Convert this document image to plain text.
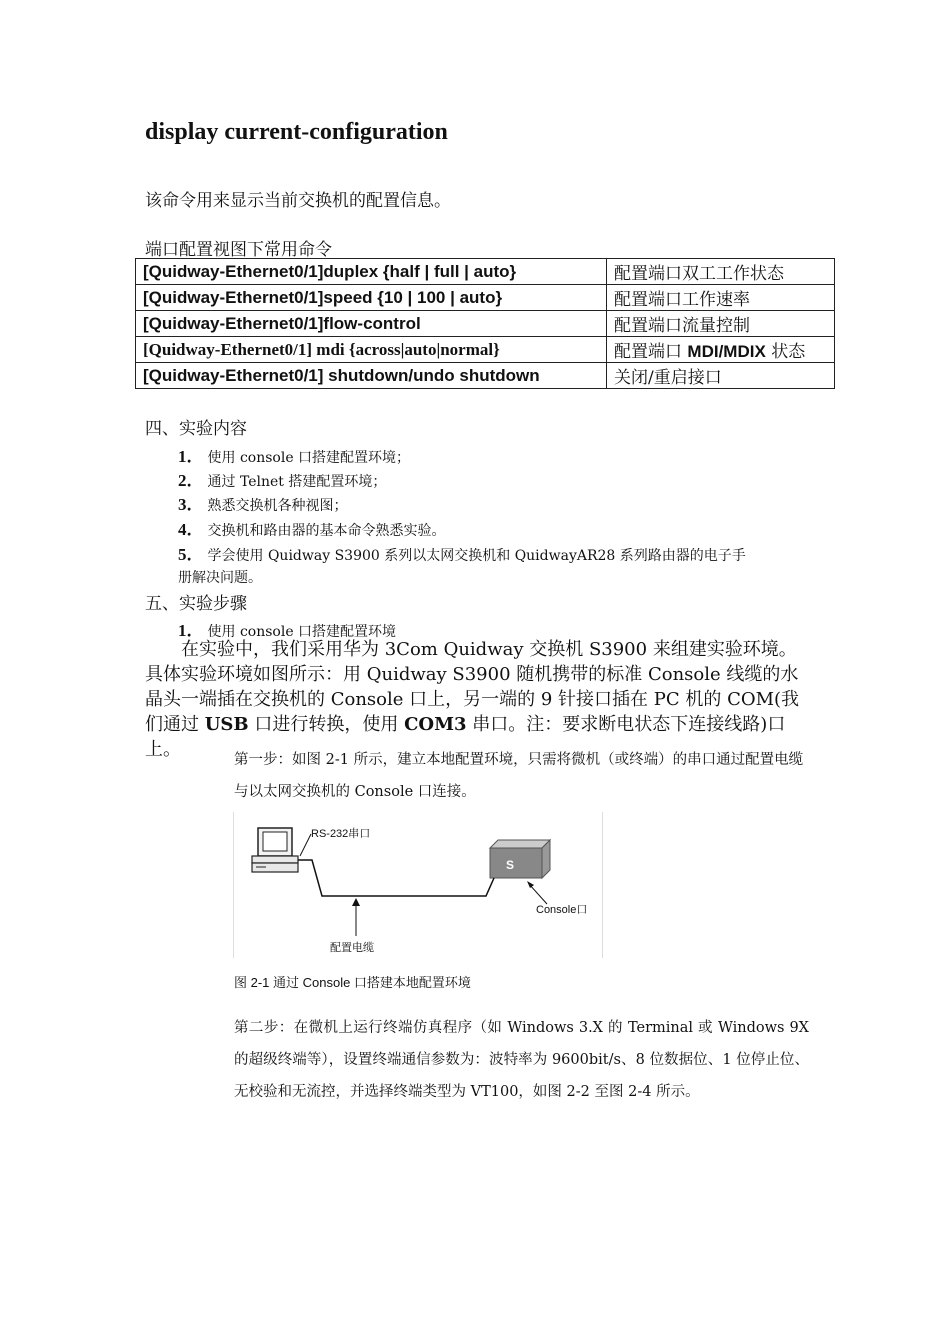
display current-configuration
该命令用来显示当前交换机的配置信息。
端口配置视图下常用命令
[Quidway-Ethernet0/1]duplex {half | full | auto}	配置端口双工工作状态
[Quidway-Ethernet0/1]speed {10 | 100 | auto}	配置端口工作速率
[Quidway-Ethernet0/1]flow-control	配置端口流量控制
[Quidway-Ethernet0/1] mdi {across|auto|normal}	配置端口 MDI/MDIX 状态
[Quidway-Ethernet0/1] shutdown/undo shutdown	关闭/重启接口
四、实验内容
1． 使用 console 口搭建配置环境；
2． 通过 Telnet 搭建配置环境；
3． 熟悉交换机各种视图；
4． 交换机和路由器的基本命令熟悉实验。
5． 学会使用 Quidway S3900 系列以太网交换机和 QuidwayAR28 系列路由器的电子手
册解决问题。
五、实验步骤
1． 使用 console 口搭建配置环境
在实验中，我们采用华为 3Com Quidway 交换机 S3900 来组建实验环境。具体实验环境如图所示：用 Quidway S3900 随机携带的标准 Console 线缆的水晶头一端插在交换机的 Console 口上，另一端的 9 针接口插在 PC 机的 COM(我们通过 USB 口进行转换，使用 COM3 串口。注：要求断电状态下连接线路)口上。	第一步：如图 2-1 所示，建立本地配置环境，只需将微机（或终端）的串口通过配置电缆与以太网交换机的 Console 口连接。
S
RS-232串口
Console口
配置电缆
图 2-1 通过 Console 口搭建本地配置环境
第二步：在微机上运行终端仿真程序（如 Windows 3.X 的 Terminal 或 Windows 9X 的超级终端等），设置终端通信参数为：波特率为 9600bit/s、8 位数据位、1 位停止位、无校验和无流控，并选择终端类型为 VT100，如图 2-2 至图 2-4 所示。
